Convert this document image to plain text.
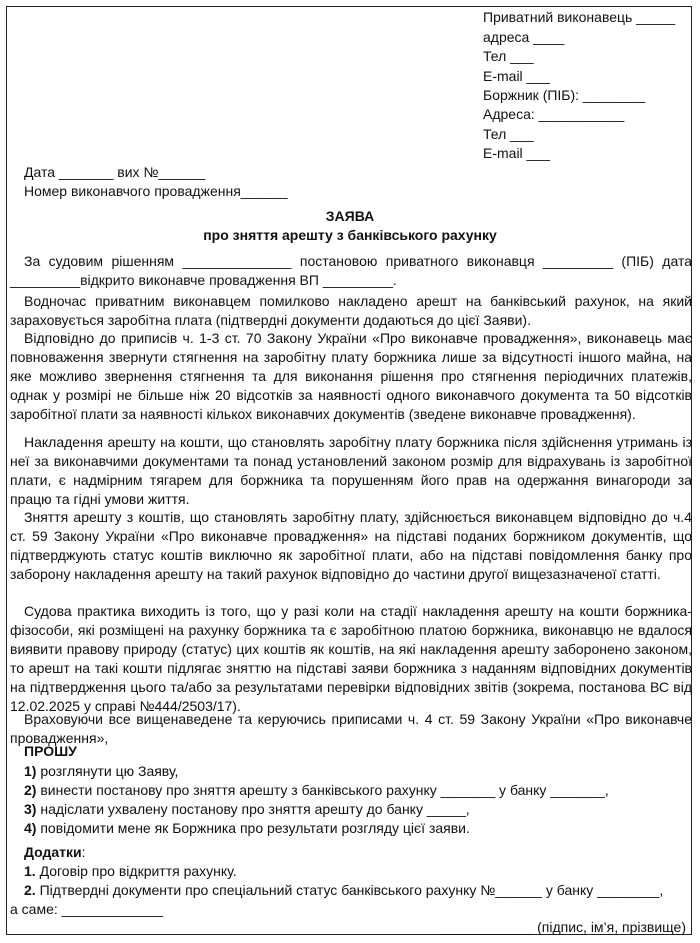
Приватний виконавець _____
адреса ____
Тел ___
E-mail ___
Боржник (ПІБ): ________
Адреса: ___________
Тел ___
E-mail ___
Дата _______ вих №______
Номер виконавчого провадження______
ЗАЯВА
про зняття арешту з банківського рахунку
За судовим рішенням ______________ постановою приватного виконавця _________ (ПІБ) дата
_________відкрито виконавче провадження ВП _________.

Водночас приватним виконавцем помилково накладено арешт на банківський рахунок, на який зараховується заробітна плата (підтвердні документи додаються до цієї Заяви).

Відповідно до приписів ч. 1-3 ст. 70 Закону України «Про виконавче провадження», виконавець має повноваження звернути стягнення на заробітну плату боржника лише за відсутності іншого майна, на яке можливо звернення стягнення та для виконання рішення про стягнення періодичних платежів, однак у розмірі не більше ніж 20 відсотків за наявності одного виконавчого документа та 50 відсотків заробітної плати за наявності кількох виконавчих документів (зведене виконавче провадження).

Накладення арешту на кошти, що становлять заробітну плату боржника після здійснення утримань із неї за виконавчими документами та понад установлений законом розмір для відрахувань із заробітної плати, є надмірним тягарем для боржника та порушенням його прав на одержання винагороди за працю та гідні умови життя.

Зняття арешту з коштів, що становлять заробітну плату, здійснюється виконавцем відповідно до ч.4 ст. 59 Закону України «Про виконавче провадження» на підставі поданих боржником документів, що підтверджують статус коштів виключно як заробітної плати, або на підставі повідомлення банку про заборону накладення арешту на такий рахунок відповідно до частини другої вищезазначеної статті.

Судова практика виходить із того, що у разі коли на стадії накладення арешту на кошти боржника-фізособи, які розміщені на рахунку боржника та є заробітною платою боржника, виконавцю не вдалося виявити правову природу (статус) цих коштів як коштів, на які накладення арешту заборонено законом, то арешт на такі кошти підлягає зняттю на підставі заяви боржника з наданням відповідних документів на підтвердження цього та/або за результатами перевірки відповідних звітів (зокрема, постанова ВС від 12.02.2025 у справі №444/2503/17).

Враховуючи все вищенаведене та керуючись приписами ч. 4 ст. 59 Закону України «Про виконавче провадження»,

ПРОШУ
1) розглянути цю Заяву,
2) винести постанову про зняття арешту з банківського рахунку _______ у банку _______,
3) надіслати ухвалену постанову про зняття арешту до банку _____,
4) повідомити мене як Боржника про результати розгляду цієї заяви.
Додатки:
1. Договір про відкриття рахунку.
2. Підтвердні документи про спеціальний статус банківського рахунку №______ у банку ________,
а саме: _____________
____________ (підпис, ім’я, прізвище)
